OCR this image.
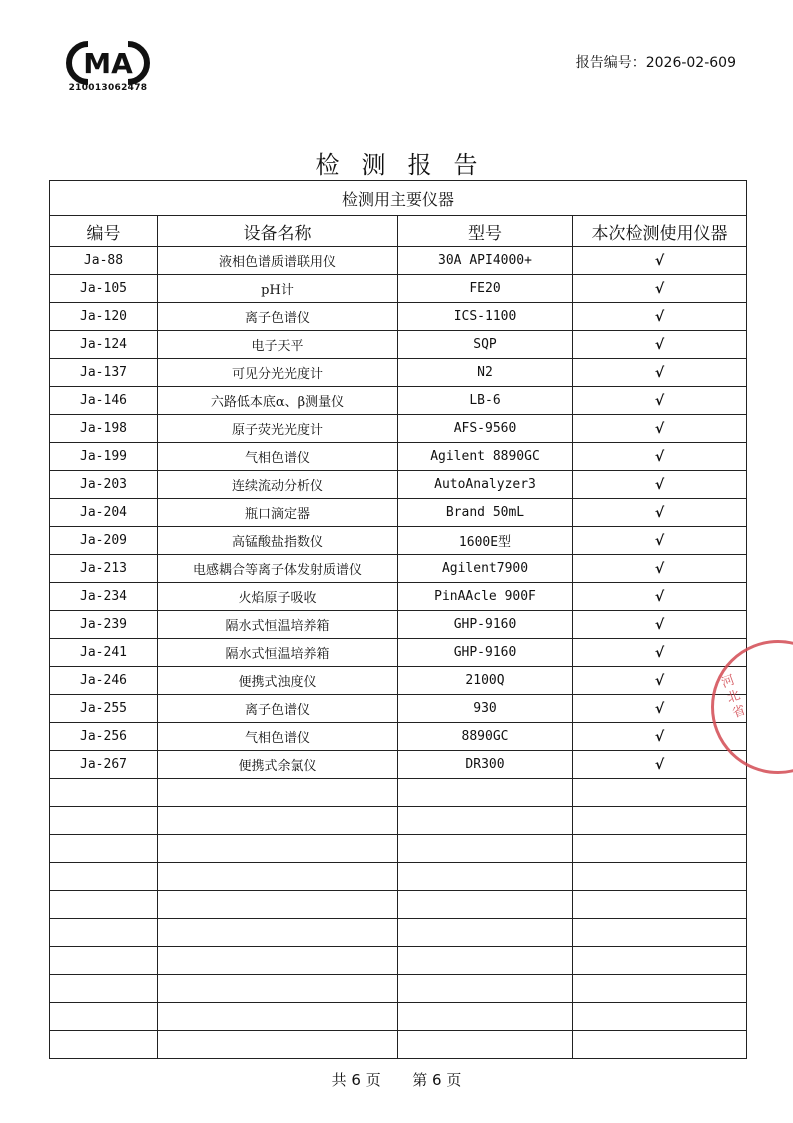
MA
210013062478
报告编号：2026-02-609
检测报告
检测用主要仪器			
编号	设备名称	型号	本次检测使用仪器
Ja-88	液相色谱质谱联用仪	30A API4000+	√
Ja-105	pH计	FE20	√
Ja-120	离子色谱仪	ICS-1100	√
Ja-124	电子天平	SQP	√
Ja-137	可见分光光度计	N2	√
Ja-146	六路低本底α、β测量仪	LB-6	√
Ja-198	原子荧光光度计	AFS-9560	√
Ja-199	气相色谱仪	Agilent 8890GC	√
Ja-203	连续流动分析仪	AutoAnalyzer3	√
Ja-204	瓶口滴定器	Brand 50mL	√
Ja-209	高锰酸盐指数仪	1600E型	√
Ja-213	电感耦合等离子体发射质谱仪	Agilent7900	√
Ja-234	火焰原子吸收	PinAAcle 900F	√
Ja-239	隔水式恒温培养箱	GHP-9160	√
Ja-241	隔水式恒温培养箱	GHP-9160	√
Ja-246	便携式浊度仪	2100Q	√
Ja-255	离子色谱仪	930	√
Ja-256	气相色谱仪	8890GC	√
Ja-267	便携式余氯仪	DR300	√

共 6 页 第 6 页
河
北
省
